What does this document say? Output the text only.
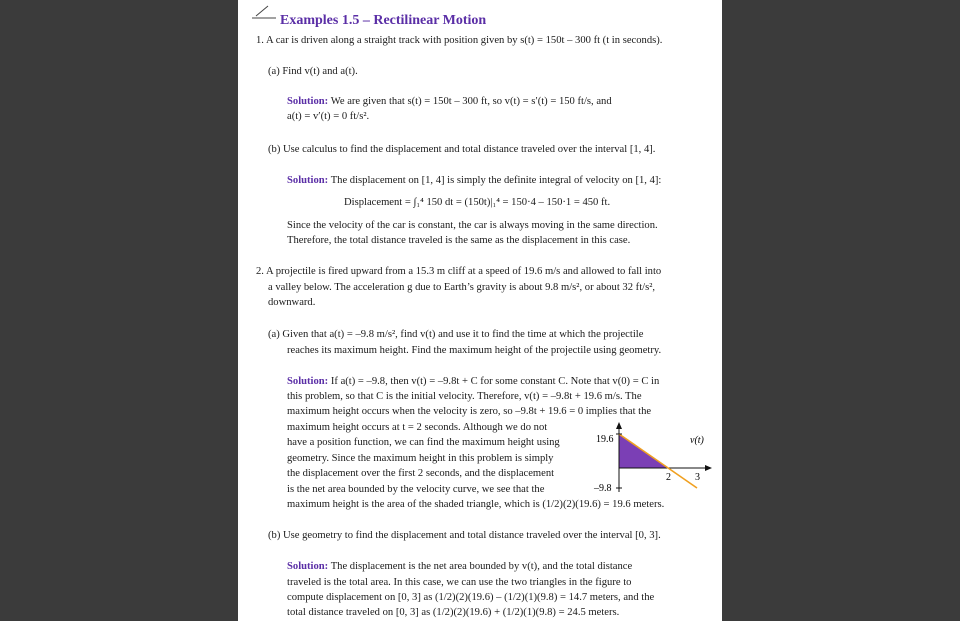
Examples 1.5 – Rectilinear Motion
1. A car is driven along a straight track with position given by s(t) = 150t – 300 ft (t in seconds).
(a) Find v(t) and a(t).
Solution: We are given that s(t) = 150t – 300 ft, so v(t) = s′(t) = 150 ft/s, and
a(t) = v′(t) = 0 ft/s².
(b) Use calculus to find the displacement and total distance traveled over the interval [1, 4].
Solution: The displacement on [1, 4] is simply the definite integral of velocity on [1, 4]:
Displacement = ∫₁⁴ 150 dt = (150t)|₁⁴ = 150·4 – 150·1 = 450 ft.
Since the velocity of the car is constant, the car is always moving in the same direction.
Therefore, the total distance traveled is the same as the displacement in this case.
2. A projectile is fired upward from a 15.3 m cliff at a speed of 19.6 m/s and allowed to fall into
a valley below. The acceleration g due to Earth’s gravity is about 9.8 m/s², or about 32 ft/s²,
downward.
(a) Given that a(t) = –9.8 m/s², find v(t) and use it to find the time at which the projectile
reaches its maximum height. Find the maximum height of the projectile using geometry.
Solution: If a(t) = –9.8, then v(t) = –9.8t + C for some constant C. Note that v(0) = C in
this problem, so that C is the initial velocity. Therefore, v(t) = –9.8t + 19.6 m/s. The
maximum height occurs when the velocity is zero, so –9.8t + 19.6 = 0 implies that the
maximum height occurs at t = 2 seconds. Although we do not
have a position function, we can find the maximum height using
geometry. Since the maximum height in this problem is simply
the displacement over the first 2 seconds, and the displacement
is the net area bounded by the velocity curve, we see that the
maximum height is the area of the shaded triangle, which is (1/2)(2)(19.6) = 19.6 meters.
19.6
–9.8
2 3
v(t)
(b) Use geometry to find the displacement and total distance traveled over the interval [0, 3].
Solution: The displacement is the net area bounded by v(t), and the total distance
traveled is the total area. In this case, we can use the two triangles in the figure to
compute displacement on [0, 3] as (1/2)(2)(19.6) – (1/2)(1)(9.8) = 14.7 meters, and the
total distance traveled on [0, 3] as (1/2)(2)(19.6) + (1/2)(1)(9.8) = 24.5 meters.
